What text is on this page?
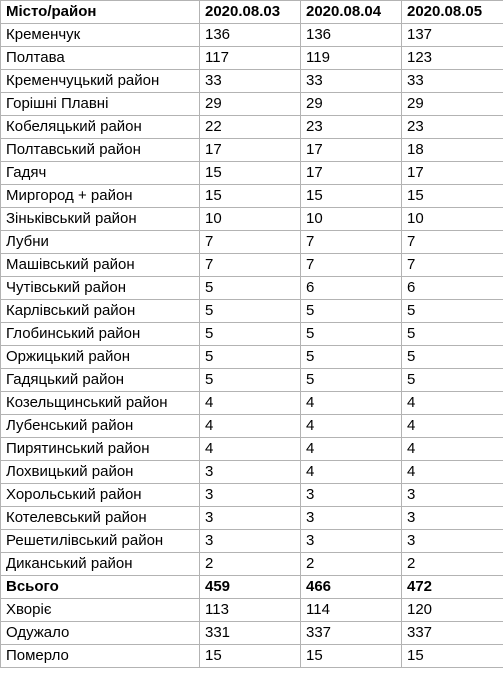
Місто/район	2020.08.03	2020.08.04	2020.08.05
Кременчук	136	136	137
Полтава	117	119	123
Кременчуцький район	33	33	33
Горішні Плавні	29	29	29
Кобеляцький район	22	23	23
Полтавський район	17	17	18
Гадяч	15	17	17
Миргород + район	15	15	15
Зіньківський район	10	10	10
Лубни	7	7	7
Машівський район	7	7	7
Чутівський район	5	6	6
Карлівський район	5	5	5
Глобинський район	5	5	5
Оржицький район	5	5	5
Гадяцький район	5	5	5
Козельщинський район	4	4	4
Лубенський район	4	4	4
Пирятинський район	4	4	4
Лохвицький район	3	4	4
Хорольський район	3	3	3
Котелевський район	3	3	3
Решетилівський район	3	3	3
Диканський район	2	2	2
Всього	459	466	472
Хворіє	113	114	120
Одужало	331	337	337
Померло	15	15	15
